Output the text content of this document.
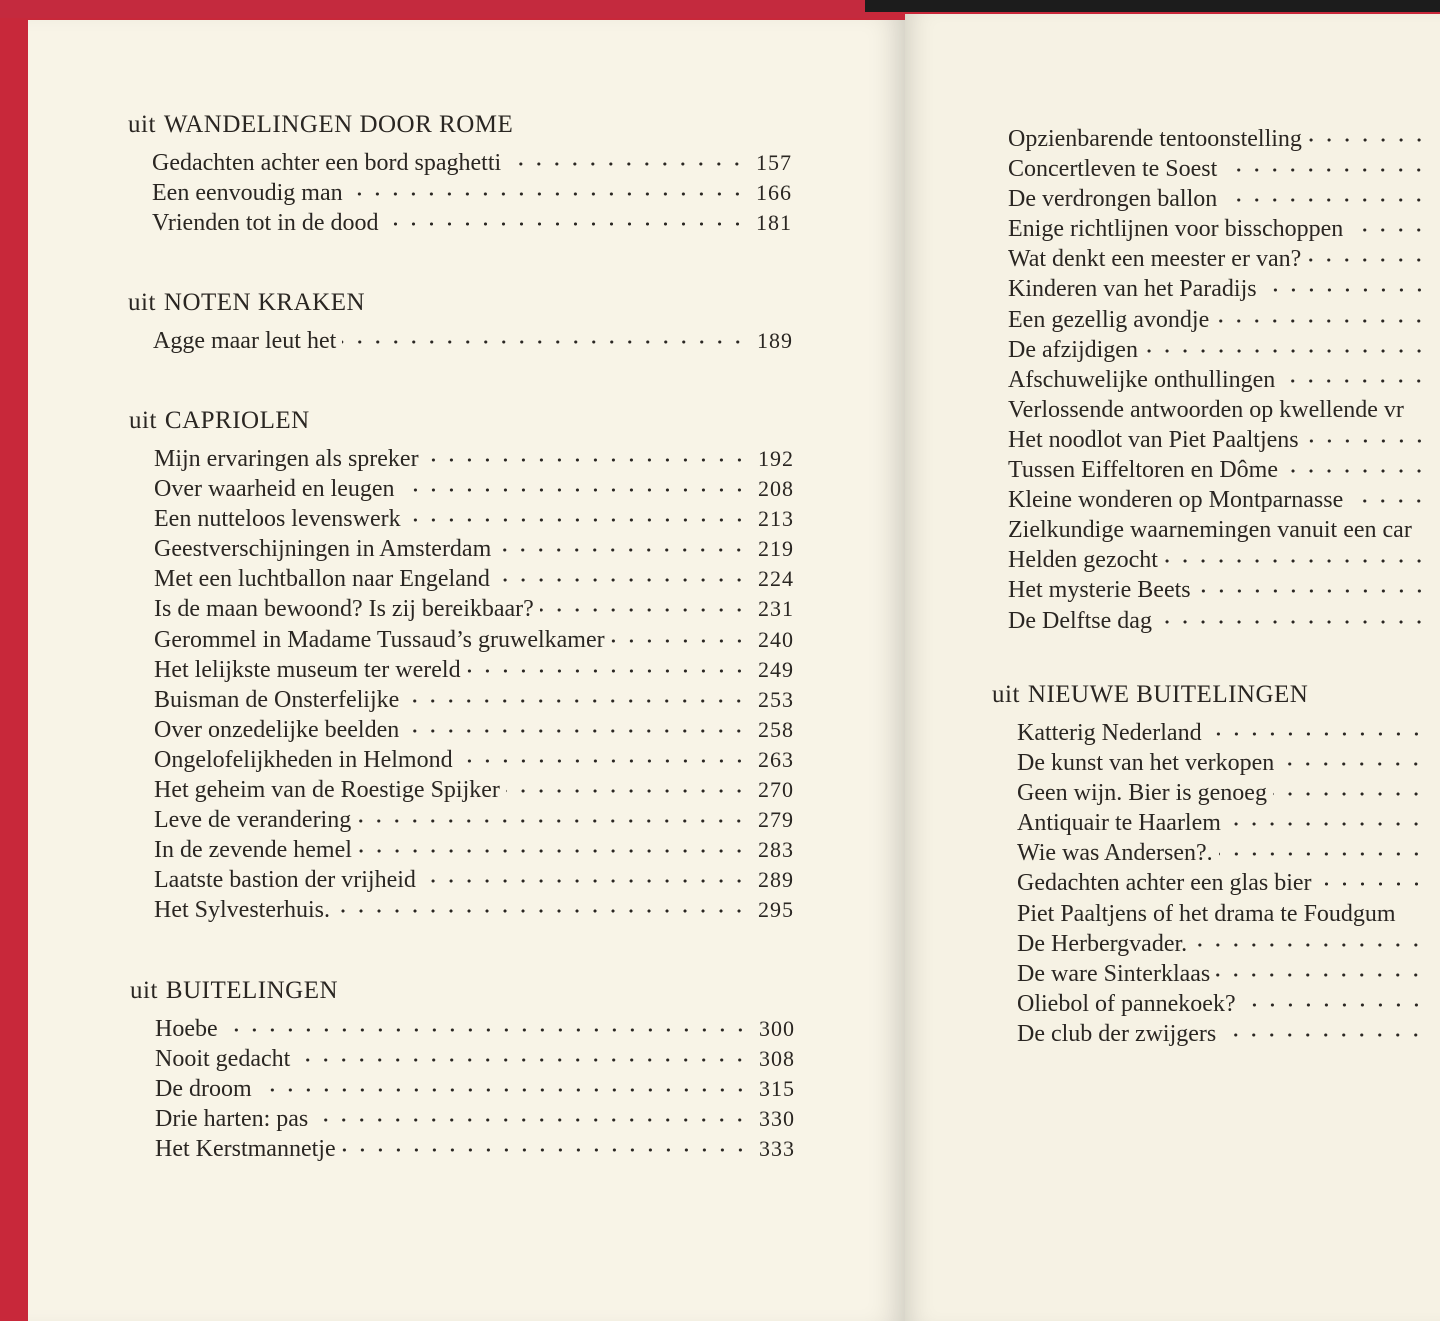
uit WANDELINGEN DOOR ROME
Gedachten achter een bord spaghetti	157
Een eenvoudig man	166
Vrienden tot in de dood	181
uit NOTEN KRAKEN
Agge maar leut het	189
uit CAPRIOLEN
Mijn ervaringen als spreker	192
Over waarheid en leugen	208
Een nutteloos levenswerk	213
Geestverschijningen in Amsterdam	219
Met een luchtballon naar Engeland	224
Is de maan bewoond? Is zij bereikbaar?	231
Gerommel in Madame Tussaud’s gruwelkamer	240
Het lelijkste museum ter wereld	249
Buisman de Onsterfelijke	253
Over onzedelijke beelden	258
Ongelofelijkheden in Helmond	263
Het geheim van de Roestige Spijker	270
Leve de verandering	279
In de zevende hemel	283
Laatste bastion der vrijheid	289
Het Sylvesterhuis.	295
uit BUITELINGEN
Hoebe	300
Nooit gedacht	308
De droom	315
Drie harten: pas	330
Het Kerstmannetje	333
Opzienbarende tentoonstelling
Concertleven te Soest
De verdrongen ballon
Enige richtlijnen voor bisschoppen
Wat denkt een meester er van?
Kinderen van het Paradijs
Een gezellig avondje
De afzijdigen
Afschuwelijke onthullingen
Verlossende antwoorden op kwellende vr
Het noodlot van Piet Paaltjens
Tussen Eiffeltoren en Dôme
Kleine wonderen op Montparnasse
Zielkundige waarnemingen vanuit een car
Helden gezocht
Het mysterie Beets
De Delftse dag
uit NIEUWE BUITELINGEN
Katterig Nederland
De kunst van het verkopen
Geen wijn. Bier is genoeg
Antiquair te Haarlem
Wie was Andersen?.
Gedachten achter een glas bier
Piet Paaltjens of het drama te Foudgum
De Herbergvader.
De ware Sinterklaas
Oliebol of pannekoek?
De club der zwijgers
